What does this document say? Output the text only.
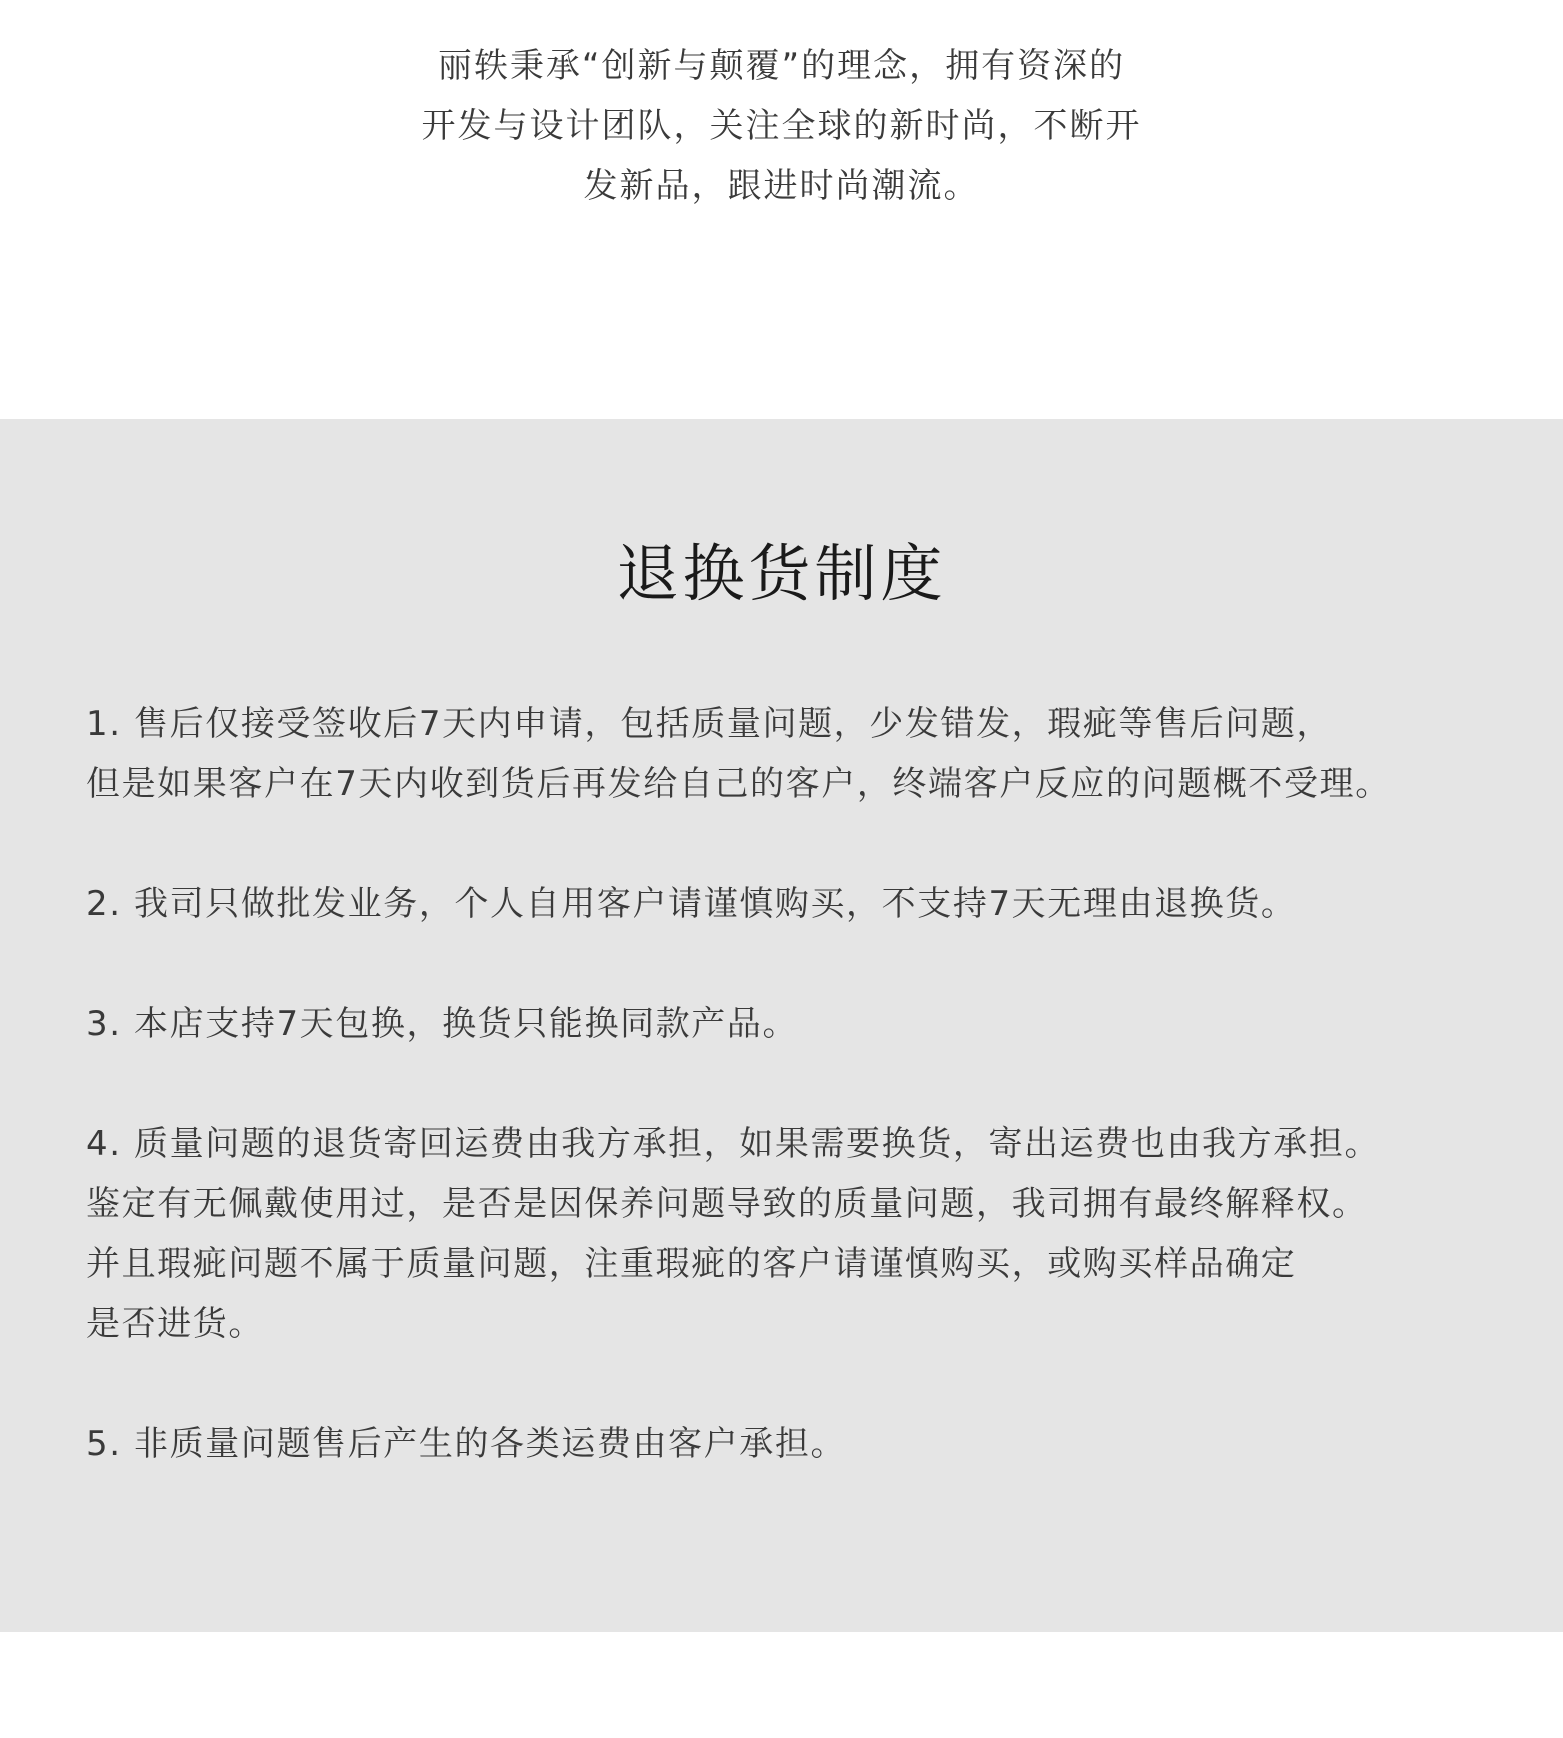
丽轶秉承“创新与颠覆”的理念，拥有资深的
开发与设计团队，关注全球的新时尚，不断开
发新品，跟进时尚潮流。
退换货制度
1. 售后仅接受签收后7天内申请，包括质量问题，少发错发，瑕疵等售后问题，
但是如果客户在7天内收到货后再发给自己的客户，终端客户反应的问题概不受理。
2. 我司只做批发业务，个人自用客户请谨慎购买，不支持7天无理由退换货。
3. 本店支持7天包换，换货只能换同款产品。
4. 质量问题的退货寄回运费由我方承担，如果需要换货，寄出运费也由我方承担。
鉴定有无佩戴使用过，是否是因保养问题导致的质量问题，我司拥有最终解释权。
并且瑕疵问题不属于质量问题，注重瑕疵的客户请谨慎购买，或购买样品确定
是否进货。
5. 非质量问题售后产生的各类运费由客户承担。
